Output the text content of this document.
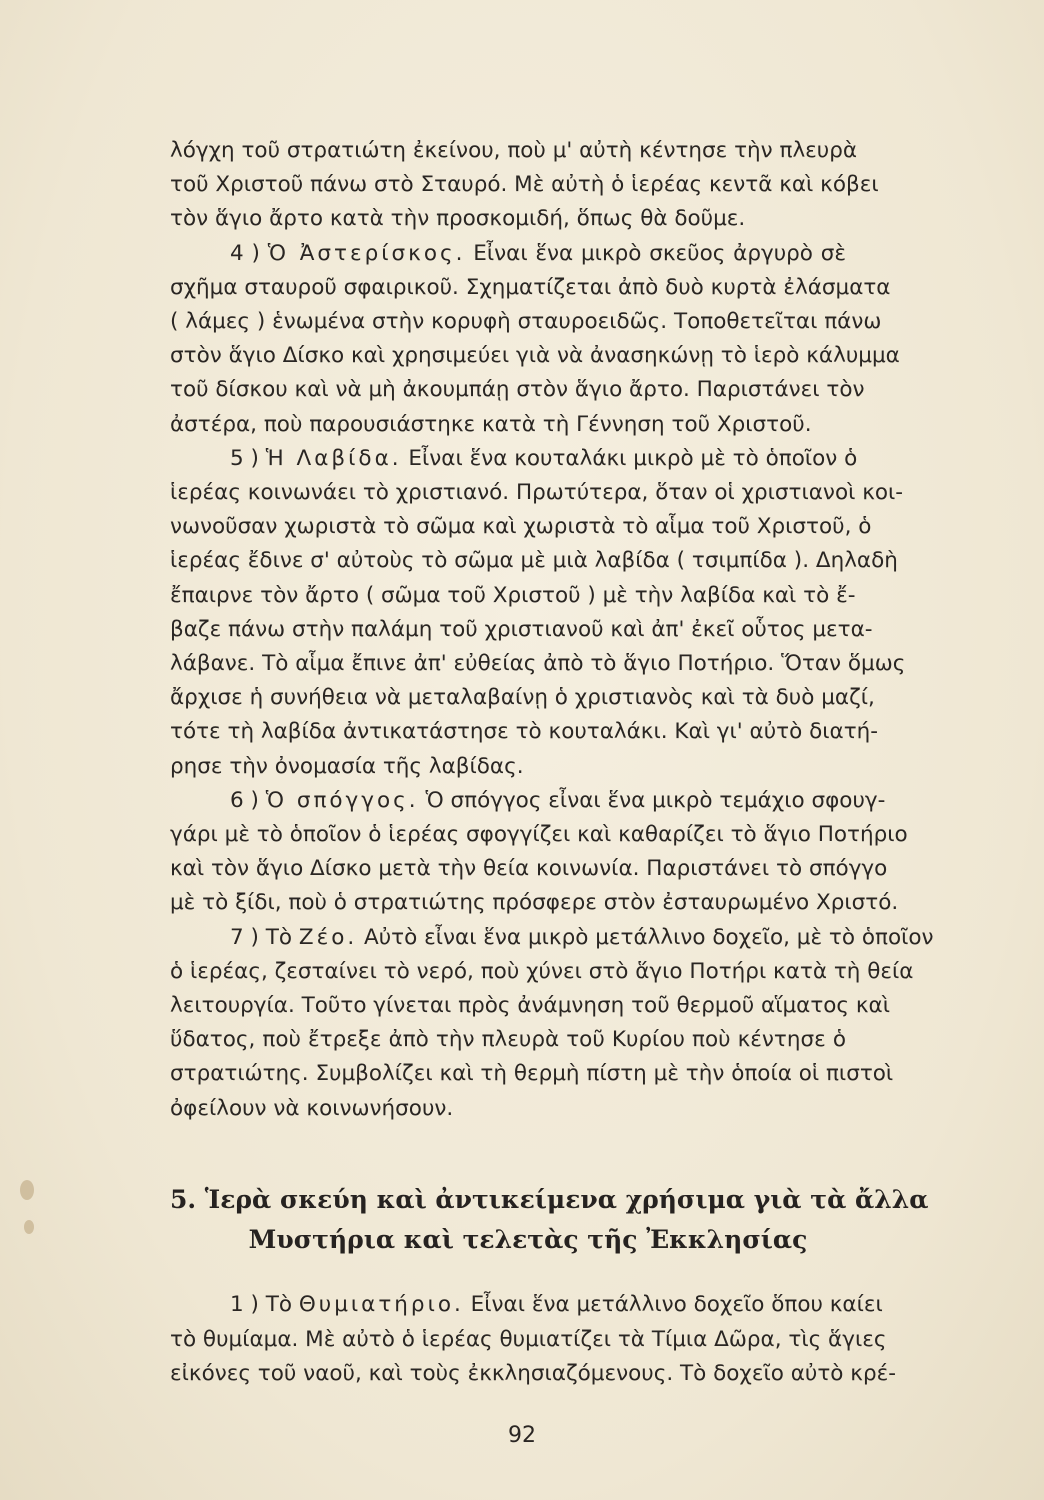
λόγχη τοῦ στρατιώτη ἐκείνου, ποὺ μ' αὐτὴ κέντησε τὴν πλευρὰ
τοῦ Χριστοῦ πάνω στὸ Σταυρό. Μὲ αὐτὴ ὁ ἱερέας κεντᾶ καὶ κόβει
τὸν ἅγιο ἄρτο κατὰ τὴν προσκομιδή, ὅπως θὰ δοῦμε.
4 ) Ὁ Ἀστερίσκος. Εἶναι ἕνα μικρὸ σκεῦος ἀργυρὸ σὲ
σχῆμα σταυροῦ σφαιρικοῦ. Σχηματίζεται ἀπὸ δυὸ κυρτὰ ἐλάσματα
( λάμες ) ἑνωμένα στὴν κορυφὴ σταυροειδῶς. Τοποθετεῖται πάνω
στὸν ἅγιο Δίσκο καὶ χρησιμεύει γιὰ νὰ ἀνασηκώνῃ τὸ ἱερὸ κάλυμμα
τοῦ δίσκου καὶ νὰ μὴ ἀκουμπάῃ στὸν ἅγιο ἄρτο. Παριστάνει τὸν
ἀστέρα, ποὺ παρουσιάστηκε κατὰ τὴ Γέννηση τοῦ Χριστοῦ.
5 ) Ἡ Λαβίδα. Εἶναι ἕνα κουταλάκι μικρὸ μὲ τὸ ὁποῖον ὁ
ἱερέας κοινωνάει τὸ χριστιανό. Πρωτύτερα, ὅταν οἱ χριστιανοὶ κοι-
νωνοῦσαν χωριστὰ τὸ σῶμα καὶ χωριστὰ τὸ αἷμα τοῦ Χριστοῦ, ὁ
ἱερέας ἔδινε σ' αὐτοὺς τὸ σῶμα μὲ μιὰ λαβίδα ( τσιμπίδα ). Δηλαδὴ
ἔπαιρνε τὸν ἄρτο ( σῶμα τοῦ Χριστοῦ ) μὲ τὴν λαβίδα καὶ τὸ ἔ-
βαζε πάνω στὴν παλάμη τοῦ χριστιανοῦ καὶ ἀπ' ἐκεῖ οὗτος μετα-
λάβανε. Τὸ αἷμα ἔπινε ἀπ' εὐθείας ἀπὸ τὸ ἅγιο Ποτήριο. Ὅταν ὅμως
ἄρχισε ἡ συνήθεια νὰ μεταλαβαίνῃ ὁ χριστιανὸς καὶ τὰ δυὸ μαζί,
τότε τὴ λαβίδα ἀντικατάστησε τὸ κουταλάκι. Καὶ γι' αὐτὸ διατή-
ρησε τὴν ὀνομασία τῆς λαβίδας.
6 ) Ὁ σπόγγος. Ὁ σπόγγος εἶναι ἕνα μικρὸ τεμάχιο σφουγ-
γάρι μὲ τὸ ὁποῖον ὁ ἱερέας σφογγίζει καὶ καθαρίζει τὸ ἅγιο Ποτήριο
καὶ τὸν ἅγιο Δίσκο μετὰ τὴν θεία κοινωνία. Παριστάνει τὸ σπόγγο
μὲ τὸ ξίδι, ποὺ ὁ στρατιώτης πρόσφερε στὸν ἐσταυρωμένο Χριστό.
7 ) Τὸ Ζέο. Αὐτὸ εἶναι ἕνα μικρὸ μετάλλινο δοχεῖο, μὲ τὸ ὁποῖον
ὁ ἱερέας, ζεσταίνει τὸ νερό, ποὺ χύνει στὸ ἅγιο Ποτήρι κατὰ τὴ θεία
λειτουργία. Τοῦτο γίνεται πρὸς ἀνάμνηση τοῦ θερμοῦ αἵματος καὶ
ὕδατος, ποὺ ἔτρεξε ἀπὸ τὴν πλευρὰ τοῦ Κυρίου ποὺ κέντησε ὁ
στρατιώτης. Συμβολίζει καὶ τὴ θερμὴ πίστη μὲ τὴν ὁποία οἱ πιστοὶ
ὀφείλουν νὰ κοινωνήσουν.
5. Ἱερὰ σκεύη καὶ ἀντικείμενα χρήσιμα γιὰ τὰ ἄλλα
Μυστήρια καὶ τελετὰς τῆς Ἐκκλησίας
1 ) Τὸ Θυμιατήριο. Εἶναι ἕνα μετάλλινο δοχεῖο ὅπου καίει
τὸ θυμίαμα. Μὲ αὐτὸ ὁ ἱερέας θυμιατίζει τὰ Τίμια Δῶρα, τὶς ἅγιες
εἰκόνες τοῦ ναοῦ, καὶ τοὺς ἐκκλησιαζόμενους. Τὸ δοχεῖο αὐτὸ κρέ-
92
